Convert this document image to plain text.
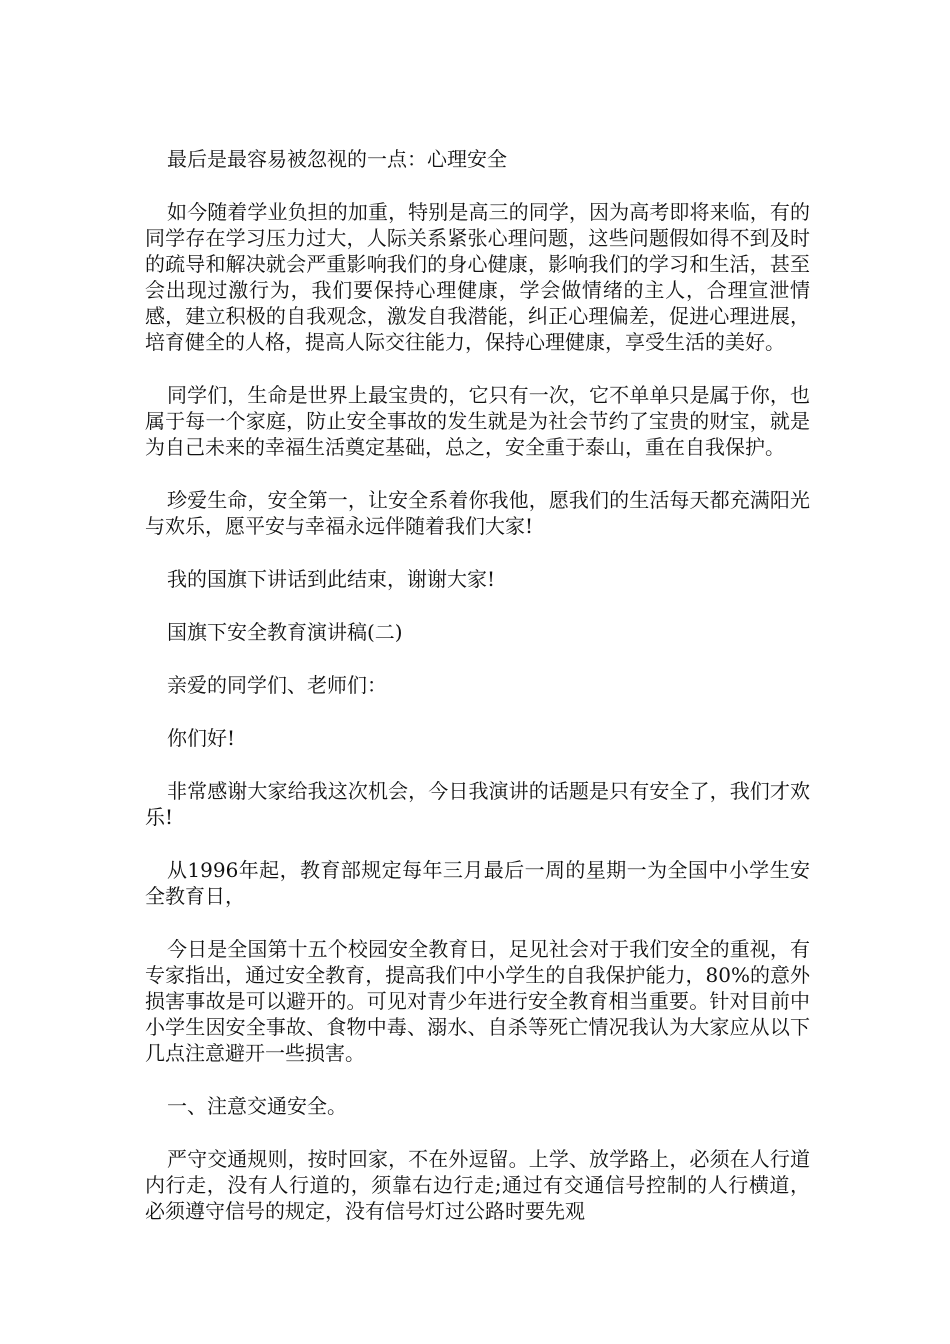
最后是最容易被忽视的一点：心理安全

如今随着学业负担的加重，特别是高三的同学，因为高考即将来临，有的同学存在学习压力过大，人际关系紧张心理问题，这些问题假如得不到及时的疏导和解决就会严重影响我们的身心健康，影响我们的学习和生活，甚至会出现过激行为，我们要保持心理健康，学会做情绪的主人，合理宣泄情感，建立积极的自我观念，激发自我潜能，纠正心理偏差，促进心理进展，培育健全的人格，提高人际交往能力，保持心理健康，享受生活的美好。

同学们，生命是世界上最宝贵的，它只有一次，它不单单只是属于你，也属于每一个家庭，防止安全事故的发生就是为社会节约了宝贵的财宝，就是为自己未来的幸福生活奠定基础，总之，安全重于泰山，重在自我保护。

珍爱生命，安全第一，让安全系着你我他，愿我们的生活每天都充满阳光与欢乐，愿平安与幸福永远伴随着我们大家!

我的国旗下讲话到此结束，谢谢大家!

国旗下安全教育演讲稿(二)

亲爱的同学们、老师们：

你们好!

非常感谢大家给我这次机会，今日我演讲的话题是只有安全了，我们才欢乐!

从1996年起，教育部规定每年三月最后一周的星期一为全国中小学生安全教育日，

今日是全国第十五个校园安全教育日，足见社会对于我们安全的重视，有专家指出，通过安全教育，提高我们中小学生的自我保护能力，80%的意外损害事故是可以避开的。可见对青少年进行安全教育相当重要。针对目前中小学生因安全事故、食物中毒、溺水、自杀等死亡情况我认为大家应从以下几点注意避开一些损害。

一、注意交通安全。

严守交通规则，按时回家，不在外逗留。上学、放学路上，必须在人行道内行走，没有人行道的，须靠右边行走;通过有交通信号控制的人行横道，必须遵守信号的规定，没有信号灯过公路时要先观
